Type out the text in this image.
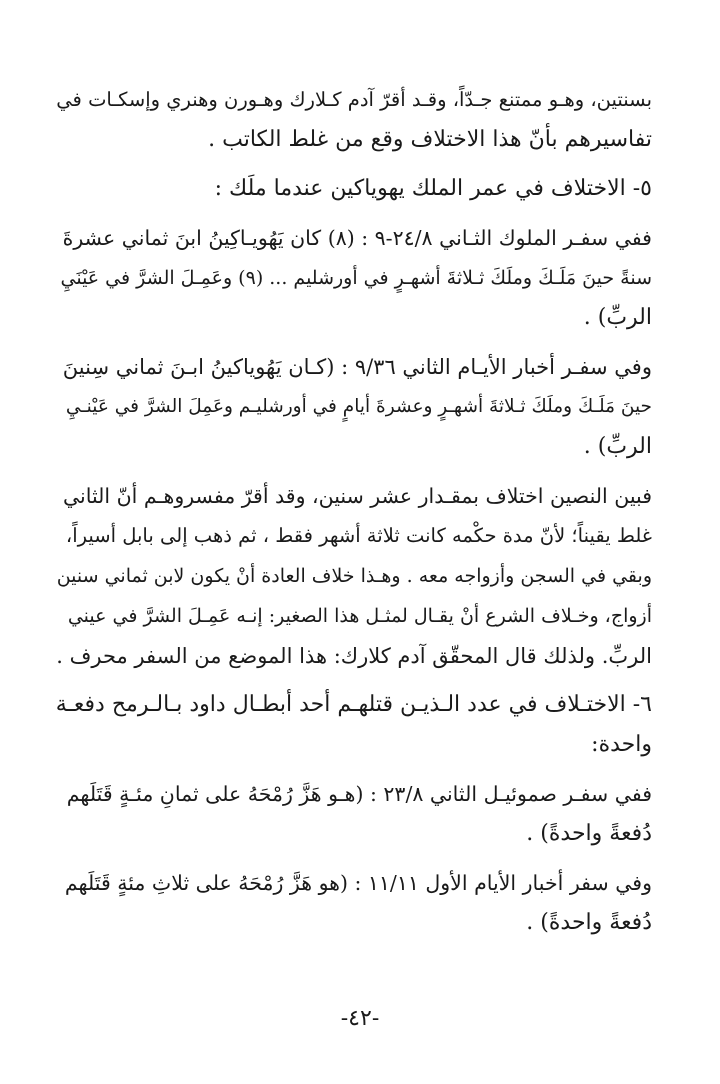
بسنتين، وهـو ممتنع جـدّاً، وقـد أقرّ آدم كـلارك وهـورن وهنري وإسكـات في
تفاسيرهم بأنّ هذا الاختلاف وقع من غلط الكاتب .
٥- الاختلاف في عمر الملك يهوياكين عندما ملَك :
ففي سفـر الملوك الثـاني ٢٤/٨-٩ : (٨) كان يَهُويـاكِينُ ابنَ ثماني عشرةَ
سنةً حينَ مَلَـكَ وملَكَ ثـلاثةَ أشهـرٍ في أورشليم ... (٩) وعَمِـلَ الشرَّ في عَيْنَيِ
الربِّ) .
وفي سفـر أخبار الأيـام الثاني ٩/٣٦ : (كـان يَهُوياكينُ ابـنَ ثماني سِنينَ
حينَ مَلَـكَ وملَكَ ثـلاثةَ أشهـرٍ وعشرةَ أيامٍ في أورشليـم وعَمِلَ الشرَّ في عَيْنـيِ
الربِّ) .
فبين النصين اختلاف بمقـدار عشر سنين، وقد أقرّ مفسروهـم أنّ الثاني
غلط يقيناً؛ لأنّ مدة حكْمه كانت ثلاثة أشهر فقط ، ثم ذهب إلى بابل أسيراً،
وبقي في السجن وأزواجه معه . وهـذا خلاف العادة أنْ يكون لابن ثماني سنين
أزواج، وخـلاف الشرع أنْ يقـال لمثـل هذا الصغير: إنـه عَمِـلَ الشرَّ في عيني
الربِّ. ولذلك قال المحقّق آدم كلارك: هذا الموضع من السفر محرف .
٦- الاختـلاف في عدد الـذيـن قتلهـم أحد أبطـال داود بـالـرمح دفعـة
واحدة:
ففي سفـر صموئيـل الثاني ٢٣/٨ : (هـو هَزَّ رُمْحَهُ على ثمانِ مئـةٍ قَتَلَهم
دُفعةً واحدةً) .
وفي سفر أخبار الأيام الأول ١١/١١ : (هو هَزَّ رُمْحَهُ على ثلاثِ مئةٍ قَتَلَهم
دُفعةً واحدةً) .
-٤٢-
